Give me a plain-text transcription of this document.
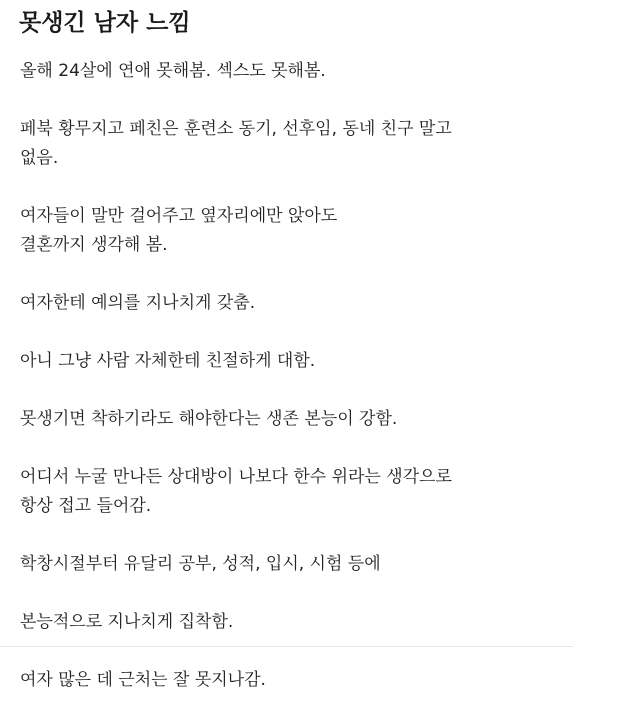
못생긴 남자 느낌

올해 24살에 연애 못해봄. 섹스도 못해봄.

페북 황무지고 페친은 훈련소 동기, 선후임, 동네 친구 말고
없음.

여자들이 말만 걸어주고 옆자리에만 앉아도
결혼까지 생각해 봄.

여자한테 예의를 지나치게 갖춤.

아니 그냥 사람 자체한테 친절하게 대함.

못생기면 착하기라도 해야한다는 생존 본능이 강함.

어디서 누굴 만나든 상대방이 나보다 한수 위라는 생각으로
항상 접고 들어감.

학창시절부터 유달리 공부, 성적, 입시, 시험 등에

본능적으로 지나치게 집착함.

여자 많은 데 근처는 잘 못지나감.
